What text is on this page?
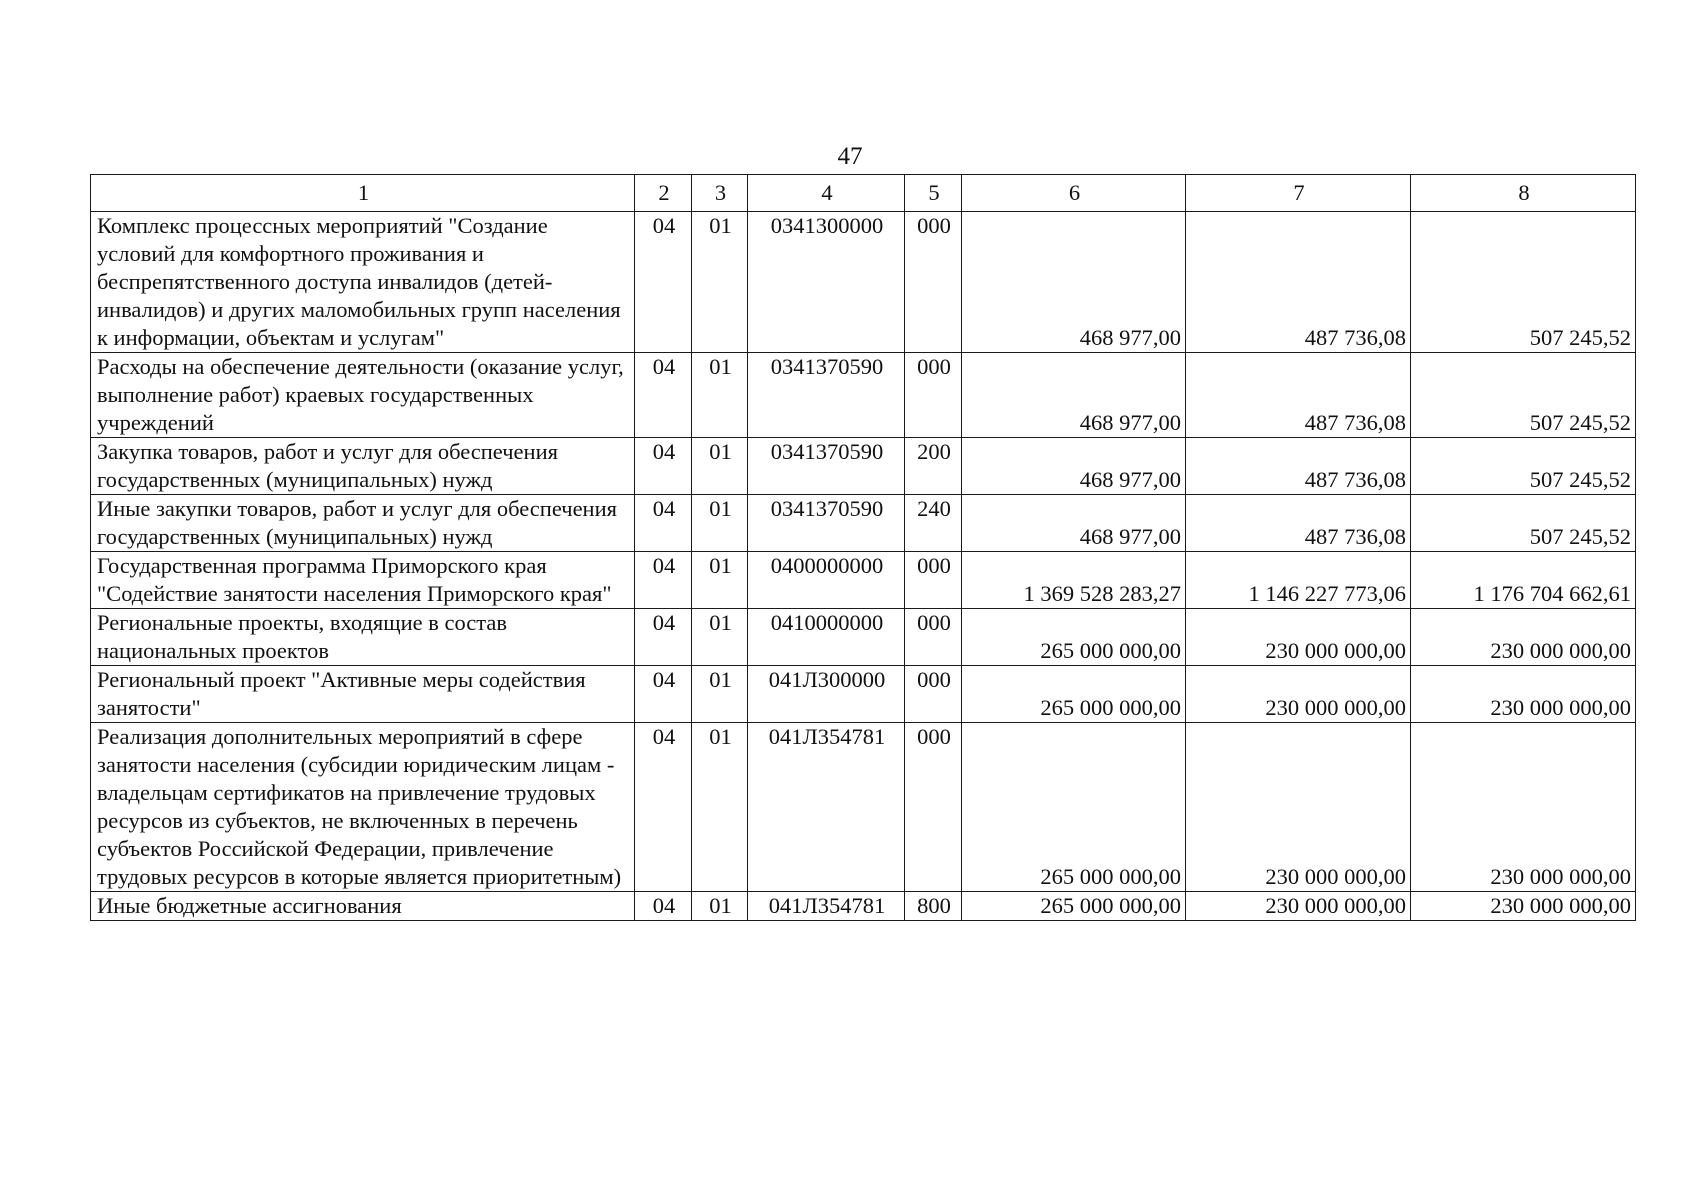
47
1	2	3	4	5	6	7	8
Комплекс процессных мероприятий "Создание условий для комфортного проживания и беспрепятственного доступа инвалидов (детей-инвалидов) и других маломобильных групп населения к информации, объектам и услугам"	04	01	0341300000	000	468 977,00	487 736,08	507 245,52
Расходы на обеспечение деятельности (оказание услуг, выполнение работ) краевых государственных учреждений	04	01	0341370590	000	468 977,00	487 736,08	507 245,52
Закупка товаров, работ и услуг для обеспечения государственных (муниципальных) нужд	04	01	0341370590	200	468 977,00	487 736,08	507 245,52
Иные закупки товаров, работ и услуг для обеспечения государственных (муниципальных) нужд	04	01	0341370590	240	468 977,00	487 736,08	507 245,52
Государственная программа Приморского края "Содействие занятости населения Приморского края"	04	01	0400000000	000	1 369 528 283,27	1 146 227 773,06	1 176 704 662,61
Региональные проекты, входящие в состав национальных проектов	04	01	0410000000	000	265 000 000,00	230 000 000,00	230 000 000,00
Региональный проект "Активные меры содействия занятости"	04	01	041Л300000	000	265 000 000,00	230 000 000,00	230 000 000,00
Реализация дополнительных мероприятий в сфере занятости населения (субсидии юридическим лицам - владельцам сертификатов на привлечение трудовых ресурсов из субъектов, не включенных в перечень субъектов Российской Федерации, привлечение трудовых ресурсов в которые является приоритетным)	04	01	041Л354781	000	265 000 000,00	230 000 000,00	230 000 000,00
Иные бюджетные ассигнования	04	01	041Л354781	800	265 000 000,00	230 000 000,00	230 000 000,00
